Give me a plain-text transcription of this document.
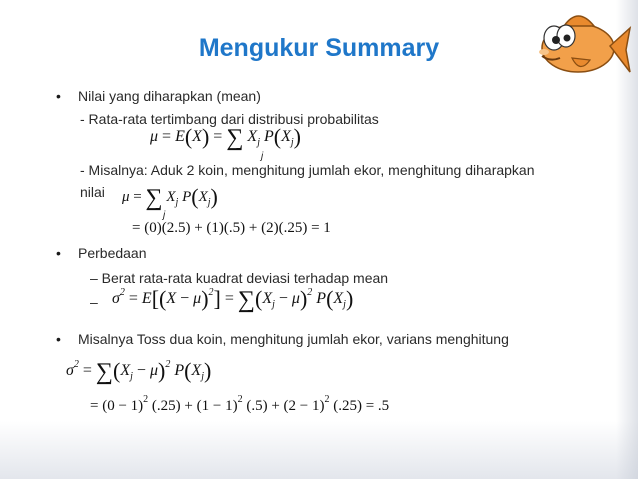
Mengukur Summary
• Nilai yang diharapkan (mean)
- Rata-rata tertimbang dari distribusi probabilitas
μ = E(X) = ∑ $X_j$ $P(X_j)$
j
- Misalnya: Aduk 2 koin, menghitung jumlah ekor, menghitung diharapkan
nilai μ = ∑ $X_j$ $P(X_j)$
j
= (0)(2.5) + (1)(.5) + (2)(.25) = 1
• Perbedaan
– Berat rata-rata kuadrat deviasi terhadap mean
– $\sigma^2 = E[(X - \mu)^2] = \sum(X_j - \mu)^2$ $P(X_j)$
• Misalnya Toss dua koin, menghitung jumlah ekor, varians menghitung
$\sigma^2 = \sum(X_j - \mu)^2$ $P(X_j)$
= $(0 - 1)^2$ $(.25) + (1 - 1)^2$ $(.5) + (2 - 1)^2$ (.25) = .5
